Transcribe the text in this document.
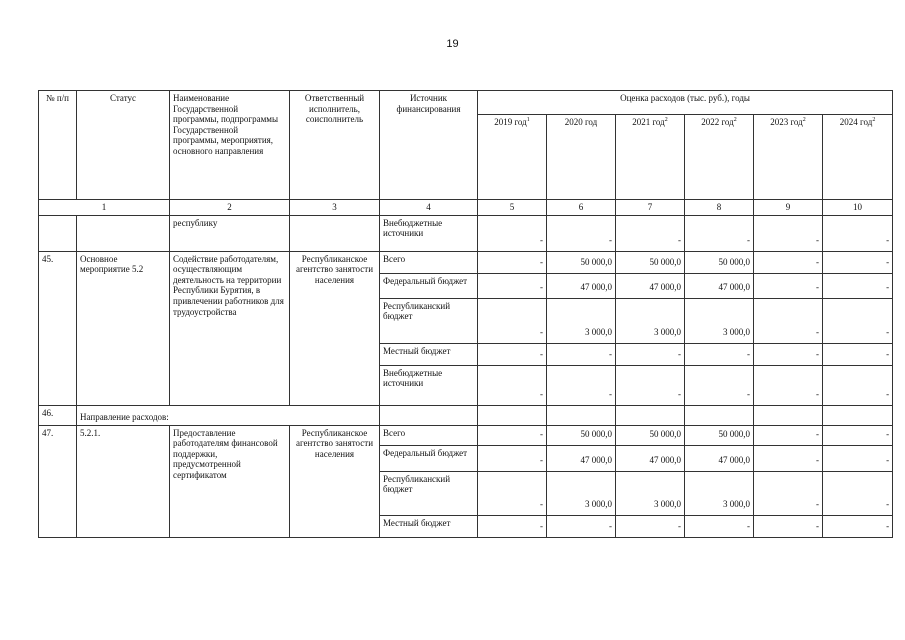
19
№ п/п	Статус	Наименование Государственной программы, подпрограммы Государственной программы, мероприятия, основного направления	Ответственный исполнитель, соисполнитель	Источник финансирования	Оценка расходов (тыс. руб.), годы					
					2019 год$^1$	2020 год	2021 год$^2$	2022 год$^2$	2023 год$^2$	2024 год$^2$
1		2	3	4	5	6	7	8	9	10
		республику		Внебюджетные источники	-	-	-	-	-	-
45.	Основное мероприятие 5.2	Содействие работодателям, осуществляющим деятельность на территории Республики Бурятия, в привлечении работников для трудоустройства	Республиканское агентство занятости населения	Всего	-	50 000,0	50 000,0	50 000,0	-	-
				Федеральный бюджет	-	47 000,0	47 000,0	47 000,0	-	-
				Республиканский бюджет	-	3 000,0	3 000,0	3 000,0	-	-
				Местный бюджет	-	-	-	-	-	-
				Внебюджетные источники	-	-	-	-	-	-
46.	Направление расходов:									
47.	5.2.1.	Предоставление работодателям финансовой поддержки, предусмотренной сертификатом	Республиканское агентство занятости населения	Всего	-	50 000,0	50 000,0	50 000,0	-	-
				Федеральный бюджет	-	47 000,0	47 000,0	47 000,0	-	-
				Республиканский бюджет	-	3 000,0	3 000,0	3 000,0	-	-
				Местный бюджет	-	-	-	-	-	-
